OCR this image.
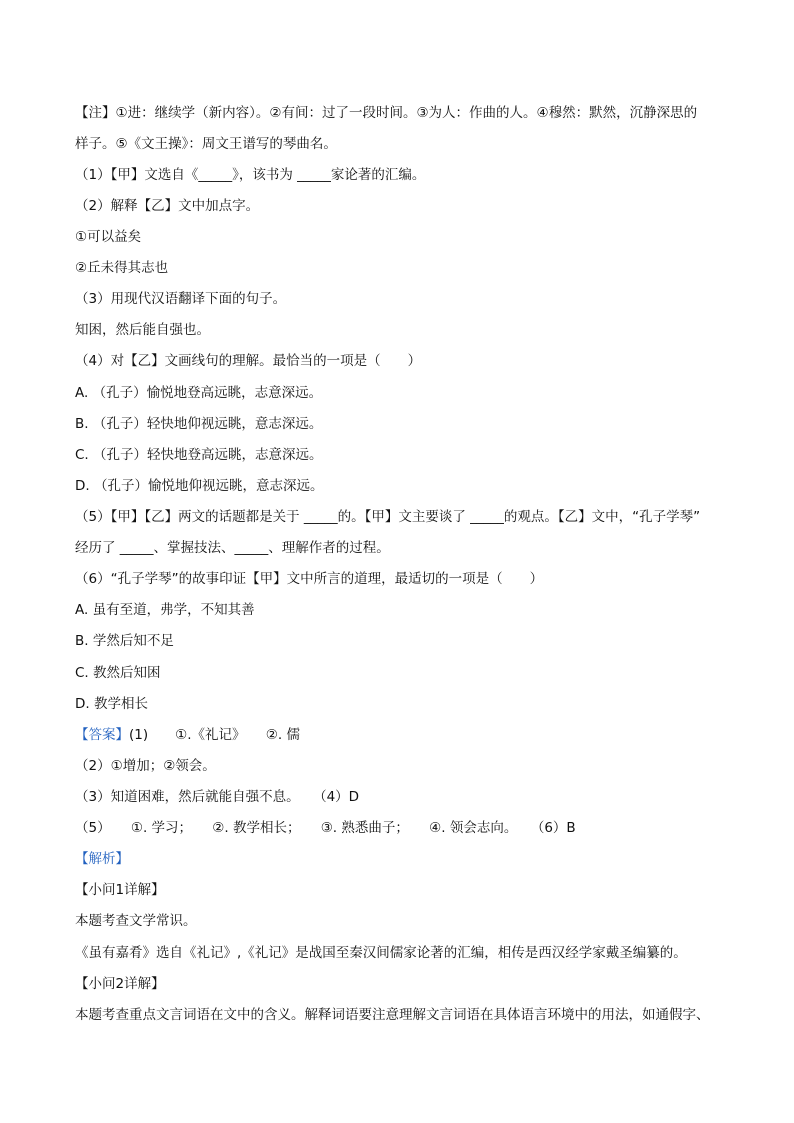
【注】①进：继续学（新内容）。②有间：过了一段时间。③为人：作曲的人。④穆然：默然，沉静深思的
样子。⑤《文王操》：周文王谱写的琴曲名。
（1）【甲】文选自《_____》，该书为 _____家论著的汇编。
（2）解释【乙】文中加点字。
①可以益矣
②丘未得其志也
（3）用现代汉语翻译下面的句子。
知困，然后能自强也。
（4）对【乙】文画线句的理解。最恰当的一项是（　　）
A. （孔子）愉悦地登高远眺，志意深远。
B. （孔子）轻快地仰视远眺，意志深远。
C. （孔子）轻快地登高远眺，志意深远。
D. （孔子）愉悦地仰视远眺，意志深远。
（5）【甲】【乙】两文的话题都是关于 _____的。【甲】文主要谈了 _____的观点。【乙】文中，“孔子学琴”
经历了 _____、掌握技法、_____、理解作者的过程。
（6）“孔子学琴”的故事印证【甲】文中所言的道理，最适切的一项是（　　）
A. 虽有至道，弗学，不知其善
B. 学然后知不足
C. 教然后知困
D. 教学相长
【答案】(1)　　①.《礼记》　　②. 儒
（2）①增加；②领会。
（3）知道困难，然后就能自强不息。　　（4）D
（5）　　①. 学习；　　②. 教学相长；　　③. 熟悉曲子；　　④. 领会志向。　　（6）B
【解析】
【小问1详解】
本题考查文学常识。
《虽有嘉肴》选自《礼记》,《礼记》是战国至秦汉间儒家论著的汇编，相传是西汉经学家戴圣编纂的。
【小问2详解】
本题考查重点文言词语在文中的含义。解释词语要注意理解文言词语在具体语言环境中的用法，如通假字、
